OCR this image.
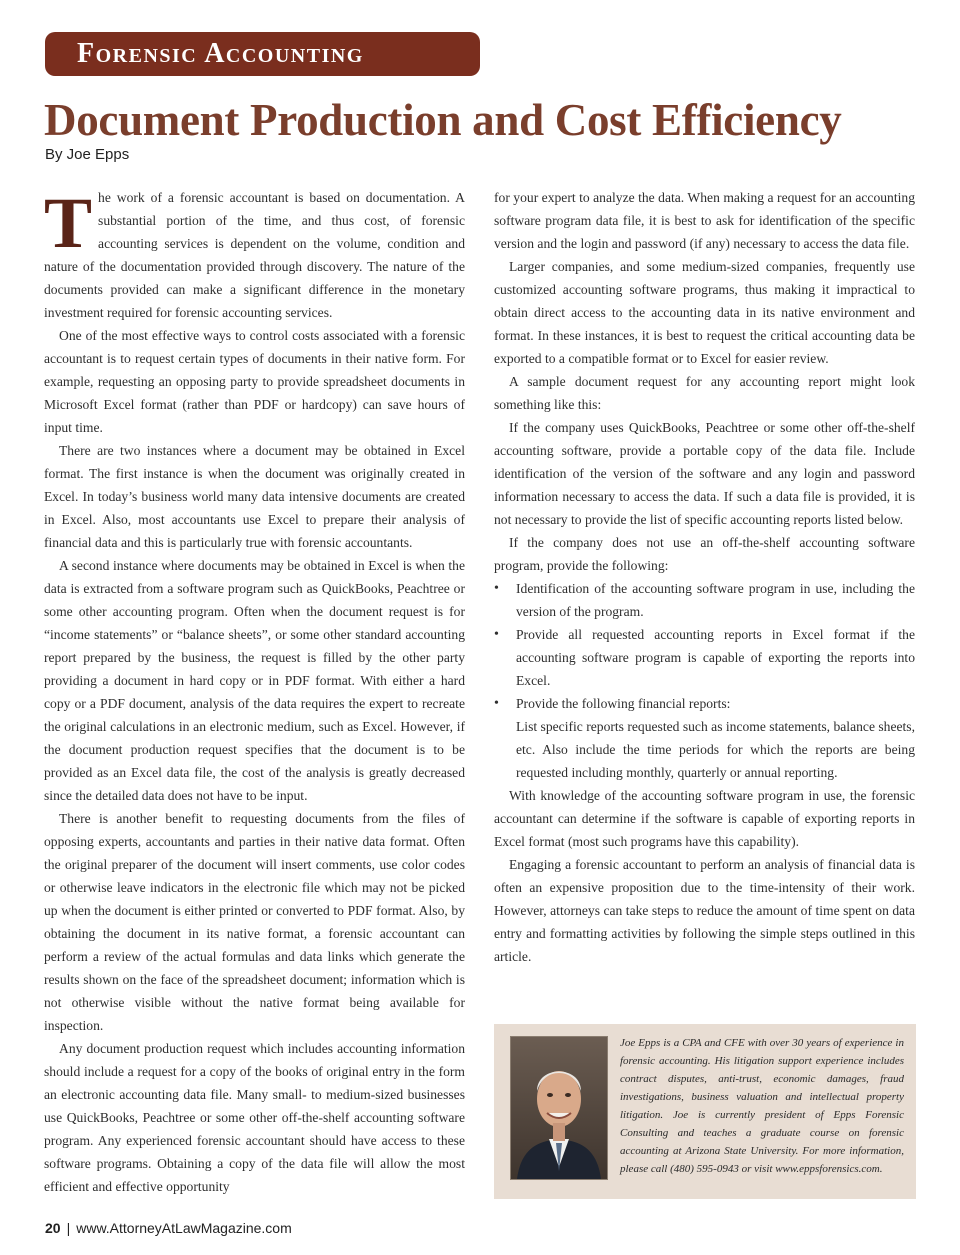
Forensic Accounting
Document Production and Cost Efficiency
By Joe Epps

The work of a forensic accountant is based on documentation. A substantial portion of the time, and thus cost, of forensic accounting services is dependent on the volume, condition and nature of the documentation provided through discovery. The nature of the documents provided can make a significant difference in the monetary investment required for forensic accounting services.

One of the most effective ways to control costs associated with a forensic accountant is to request certain types of documents in their native form. For example, requesting an opposing party to provide spreadsheet documents in Microsoft Excel format (rather than PDF or hardcopy) can save hours of input time.

There are two instances where a document may be obtained in Excel format. The first instance is when the document was originally created in Excel. In today’s business world many data intensive documents are created in Excel. Also, most accountants use Excel to prepare their analysis of financial data and this is particularly true with forensic accountants.

A second instance where documents may be obtained in Excel is when the data is extracted from a software program such as QuickBooks, Peachtree or some other accounting program. Often when the document request is for “income statements” or “balance sheets”, or some other standard accounting report prepared by the business, the request is filled by the other party providing a document in hard copy or in PDF format. With either a hard copy or a PDF document, analysis of the data requires the expert to recreate the original calculations in an electronic medium, such as Excel. However, if the document production request specifies that the document is to be provided as an Excel data file, the cost of the analysis is greatly decreased since the detailed data does not have to be input.

There is another benefit to requesting documents from the files of opposing experts, accountants and parties in their native data format. Often the original preparer of the document will insert comments, use color codes or otherwise leave indicators in the electronic file which may not be picked up when the document is either printed or converted to PDF format. Also, by obtaining the document in its native format, a forensic accountant can perform a review of the actual formulas and data links which generate the results shown on the face of the spreadsheet document; information which is not otherwise visible without the native format being available for inspection.

Any document production request which includes accounting information should include a request for a copy of the books of original entry in the form an electronic accounting data file. Many small- to medium-sized businesses use QuickBooks, Peachtree or some other off-the-shelf accounting software program. Any experienced forensic accountant should have access to these software programs. Obtaining a copy of the data file will allow the most efficient and effective opportunity

for your expert to analyze the data. When making a request for an accounting software program data file, it is best to ask for identification of the specific version and the login and password (if any) necessary to access the data file.

Larger companies, and some medium-sized companies, frequently use customized accounting software programs, thus making it impractical to obtain direct access to the accounting data in its native environment and format. In these instances, it is best to request the critical accounting data be exported to a compatible format or to Excel for easier review.

A sample document request for any accounting report might look something like this:

If the company uses QuickBooks, Peachtree or some other off-the-shelf accounting software, provide a portable copy of the data file. Include identification of the version of the software and any login and password information necessary to access the data. If such a data file is provided, it is not necessary to provide the list of specific accounting reports listed below.

If the company does not use an off-the-shelf accounting software program, provide the following:

• Identification of the accounting software program in use, including the version of the program.
• Provide all requested accounting reports in Excel format if the accounting software program is capable of exporting the reports into Excel.
• Provide the following financial reports:
List specific reports requested such as income statements, balance sheets, etc. Also include the time periods for which the reports are being requested including monthly, quarterly or annual reporting.

With knowledge of the accounting software program in use, the forensic accountant can determine if the software is capable of exporting reports in Excel format (most such programs have this capability).

Engaging a forensic accountant to perform an analysis of financial data is often an expensive proposition due to the time-intensity of their work. However, attorneys can take steps to reduce the amount of time spent on data entry and formatting activities by following the simple steps outlined in this article.

Joe Epps is a CPA and CFE with over 30 years of experience in forensic accounting. His litigation support experience includes contract disputes, anti-trust, economic damages, fraud investigations, business valuation and intellectual property litigation. Joe is currently president of Epps Forensic Consulting and teaches a graduate course on forensic accounting at Arizona State University. For more information, please call (480) 595-0943 or visit www.eppsforensics.com.
20 | www.AttorneyAtLawMagazine.com
